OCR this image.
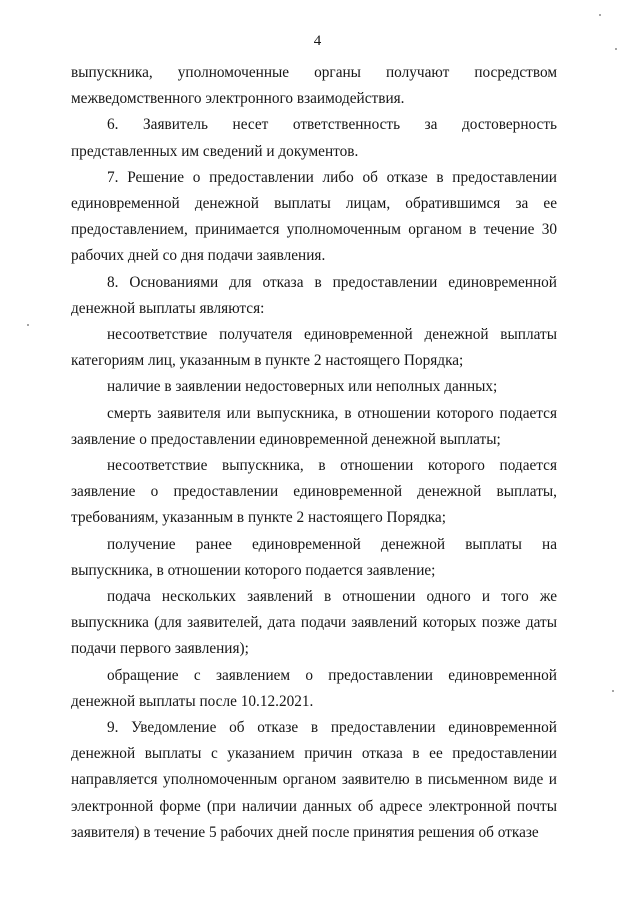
4

выпускника, уполномоченные органы получают посредством межведомственного электронного взаимодействия.

6. Заявитель несет ответственность за достоверность представленных им сведений и документов.

7. Решение о предоставлении либо об отказе в предоставлении единовременной денежной выплаты лицам, обратившимся за ее предоставлением, принимается уполномоченным органом в течение 30 рабочих дней со дня подачи заявления.

8. Основаниями для отказа в предоставлении единовременной денежной выплаты являются:

несоответствие получателя единовременной денежной выплаты категориям лиц, указанным в пункте 2 настоящего Порядка;

наличие в заявлении недостоверных или неполных данных;

смерть заявителя или выпускника, в отношении которого подается заявление о предоставлении единовременной денежной выплаты;

несоответствие выпускника, в отношении которого подается заявление о предоставлении единовременной денежной выплаты, требованиям, указанным в пункте 2 настоящего Порядка;

получение ранее единовременной денежной выплаты на выпускника, в отношении которого подается заявление;

подача нескольких заявлений в отношении одного и того же выпускника (для заявителей, дата подачи заявлений которых позже даты подачи первого заявления);

обращение с заявлением о предоставлении единовременной денежной выплаты после 10.12.2021.

9. Уведомление об отказе в предоставлении единовременной денежной выплаты с указанием причин отказа в ее предоставлении направляется уполномоченным органом заявителю в письменном виде и электронной форме (при наличии данных об адресе электронной почты заявителя) в течение 5 рабочих дней после принятия решения об отказе
